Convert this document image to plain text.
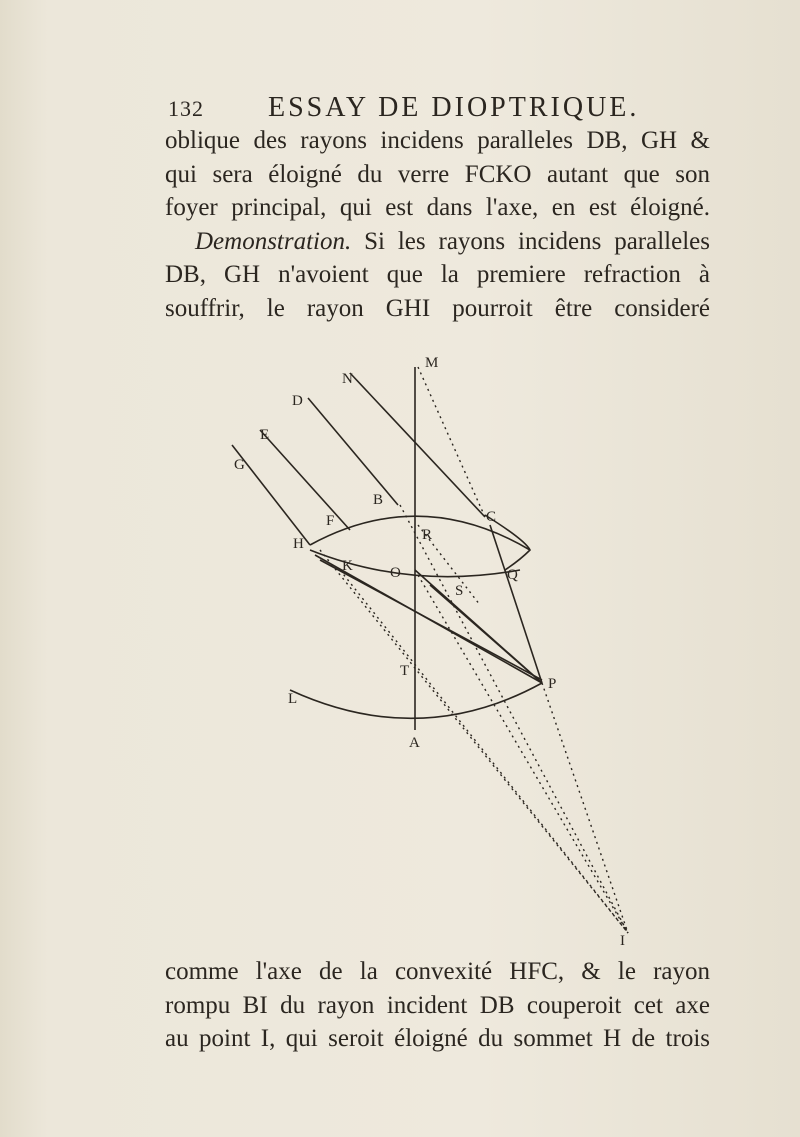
132 ESSAY DE DIOPTRIQUE.
oblique des rayons incidens paralleles DB, GH &
qui sera éloigné du verre FCKO autant que son
foyer principal, qui est dans l'axe, en est éloigné.
Demonstration. Si les rayons incidens paralleles
DB, GH n'avoient que la premiere refraction à
souffrir, le rayon GHI pourroit être consideré
M
N
D
E
G
B
C
F
H
R
K O	Q
S
T
P
L
A
I
comme l'axe de la convexité HFC, & le rayon
rompu BI du rayon incident DB couperoit cet axe
au point I, qui seroit éloigné du sommet H de trois
